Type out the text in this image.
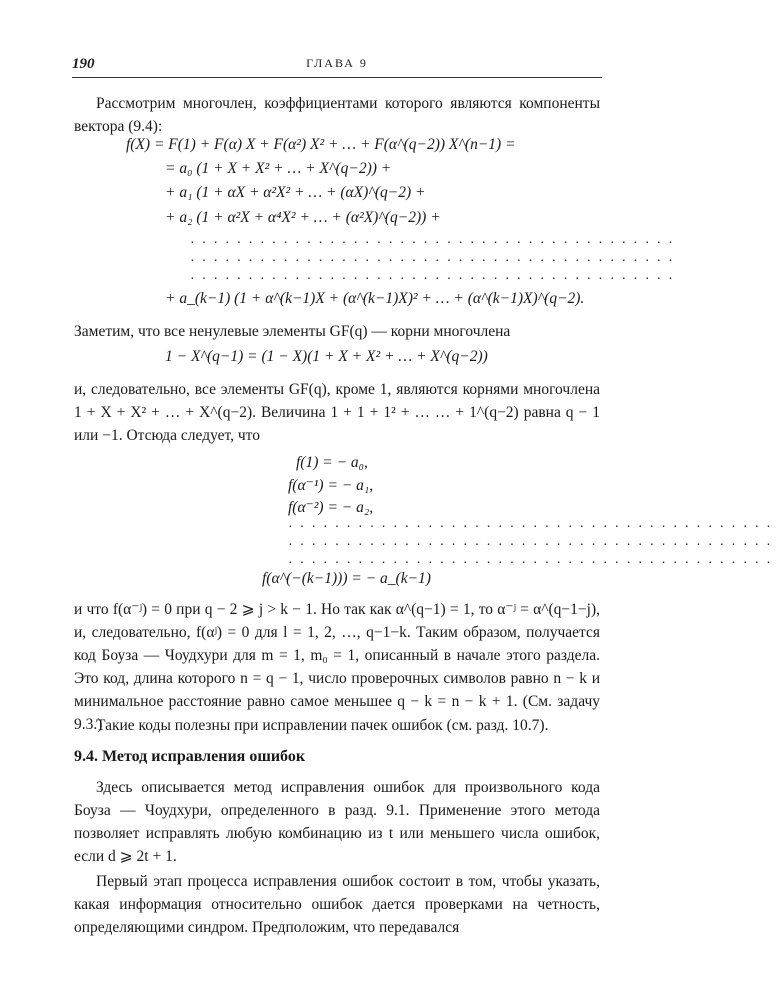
190	ГЛАВА 9

Рассмотрим многочлен, коэффициентами которого являются компоненты вектора (9.4):

f(X) = F(1) + F(α) X + F(α²) X² + … + F(α^(q−2)) X^(n−1) =
= a₀ (1 + X + X² + … + X^(q−2)) +
+ a₁ (1 + αX + α²X² + … + (αX)^(q−2) +
+ a₂ (1 + α²X + α⁴X² + … + (α²X)^(q−2)) +
··········································
··········································
··········································
+ a_(k−1) (1 + α^(k−1)X + (α^(k−1)X)² + … + (α^(k−1)X)^(q−2).

Заметим, что все ненулевые элементы GF(q) — корни многочлена

1 − X^(q−1) = (1 − X)(1 + X + X² + … + X^(q−2))

и, следовательно, все элементы GF(q), кроме 1, являются корнями многочлена 1 + X + X² + … + X^(q−2). Величина 1 + 1 + 1² + … … + 1^(q−2) равна q − 1 или −1. Отсюда следует, что

f(1) = − a₀,
f(α⁻¹) = − a₁,
f(α⁻²) = − a₂,
··········································
··········································
··········································
f(α^(−(k−1))) = − a_(k−1)

и что f(α⁻ʲ) = 0 при q − 2 ⩾ j > k − 1. Но так как α^(q−1) = 1, то α⁻ʲ = α^(q−1−j), и, следовательно, f(αʲ) = 0 для l = 1, 2, …, q−1−k. Таким образом, получается код Боуза — Чоудхури для m = 1, m₀ = 1, описанный в начале этого раздела. Это код, длина которого n = q − 1, число проверочных символов равно n − k и минимальное расстояние равно самое меньшее q − k = n − k + 1. (См. задачу 9.3.)

Такие коды полезны при исправлении пачек ошибок (см. разд. 10.7).

9.4. Метод исправления ошибок

Здесь описывается метод исправления ошибок для произвольного кода Боуза — Чоудхури, определенного в разд. 9.1. Применение этого метода позволяет исправлять любую комбинацию из t или меньшего числа ошибок, если d ⩾ 2t + 1.

Первый этап процесса исправления ошибок состоит в том, чтобы указать, какая информация относительно ошибок дается проверками на четность, определяющими синдром. Предположим, что передавался
